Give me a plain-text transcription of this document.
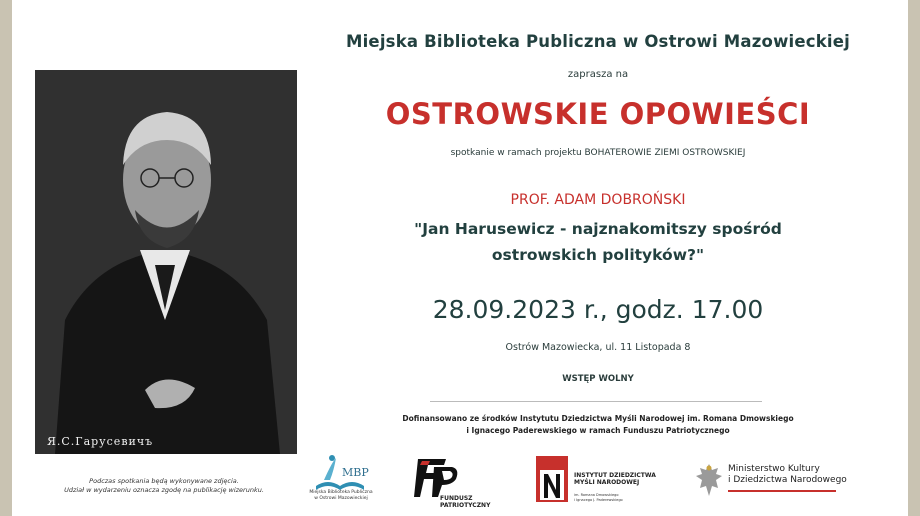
Я.С.Гарусевичъ
Podczas spotkania będą wykonywane zdjęcia.
Udział w wydarzeniu oznacza zgodę na publikację wizerunku.
Miejska Biblioteka Publiczna w Ostrowi Mazowieckiej
zaprasza na
OSTROWSKIE OPOWIEŚCI
spotkanie w ramach projektu BOHATEROWIE ZIEMI OSTROWSKIEJ
PROF. ADAM DOBROŃSKI
"Jan Harusewicz - najznakomitszy spośród
ostrowskich polityków?"
28.09.2023 r., godz. 17.00
Ostrów Mazowiecka, ul. 11 Listopada 8
WSTĘP WOLNY
Dofinansowano ze środków Instytutu Dziedzictwa Myśli Narodowej im. Romana Dmowskiego
i Ignacego Paderewskiego w ramach Funduszu Patriotycznego
MBP
Miejska Biblioteka Publiczna
w Ostrowi Mazowieckiej	FUNDUSZ
PATRIOTYCZNY
INSTYTUT DZIEDZICTWA
MYŚLI NARODOWEJ
im. Romana Dmowskiego
i Ignacego J. Paderewskiego
Ministerstwo Kultury
i Dziedzictwa Narodowego
